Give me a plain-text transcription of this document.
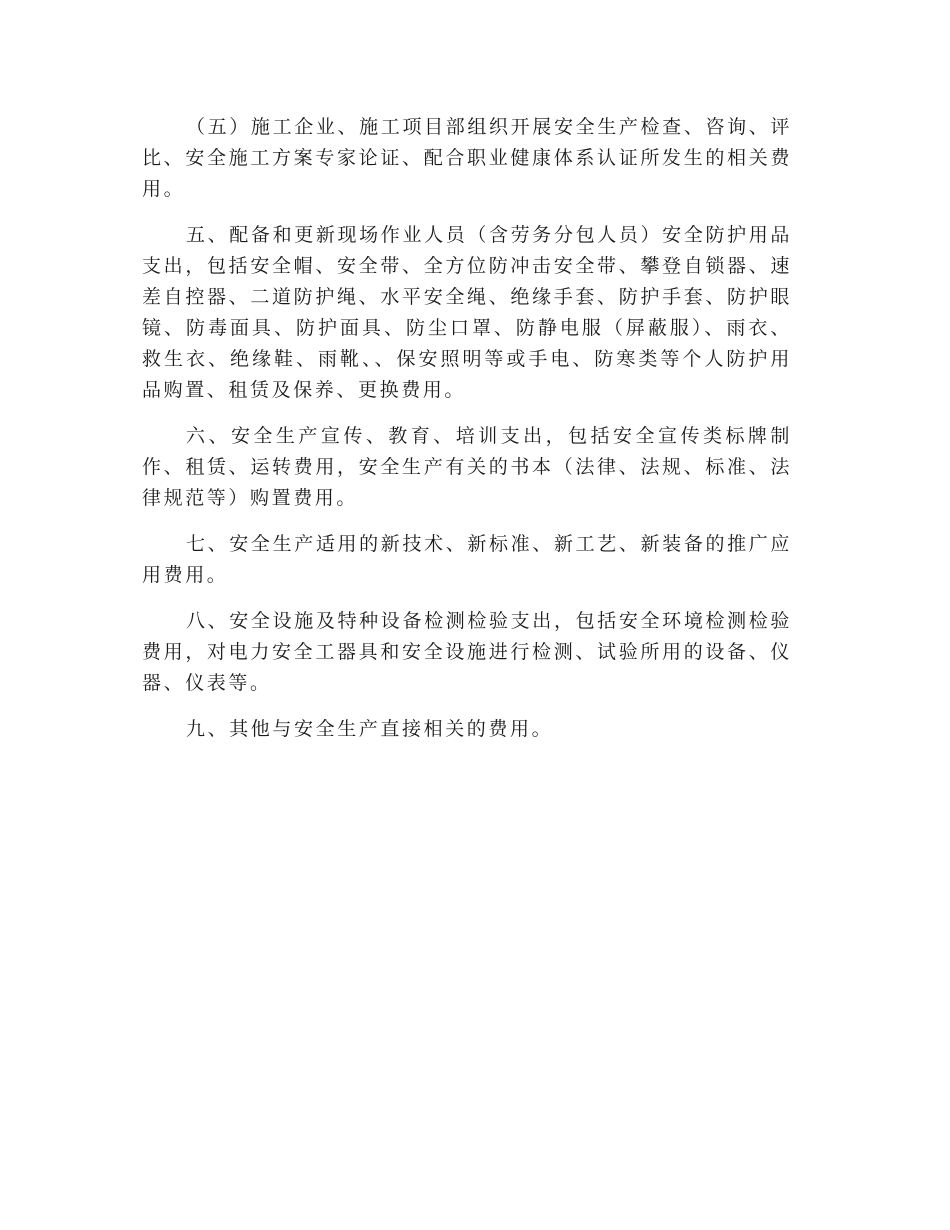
（五）施工企业、施工项目部组织开展安全生产检查、咨询、评比、安全施工方案专家论证、配合职业健康体系认证所发生的相关费用。

五、配备和更新现场作业人员（含劳务分包人员）安全防护用品支出，包括安全帽、安全带、全方位防冲击安全带、攀登自锁器、速差自控器、二道防护绳、水平安全绳、绝缘手套、防护手套、防护眼镜、防毒面具、防护面具、防尘口罩、防静电服（屏蔽服）、雨衣、救生衣、绝缘鞋、雨靴、、保安照明等或手电、防寒类等个人防护用品购置、租赁及保养、更换费用。

六、安全生产宣传、教育、培训支出，包括安全宣传类标牌制作、租赁、运转费用，安全生产有关的书本（法律、法规、标准、法律规范等）购置费用。

七、安全生产适用的新技术、新标准、新工艺、新装备的推广应用费用。

八、安全设施及特种设备检测检验支出，包括安全环境检测检验费用，对电力安全工器具和安全设施进行检测、试验所用的设备、仪器、仪表等。

九、其他与安全生产直接相关的费用。
